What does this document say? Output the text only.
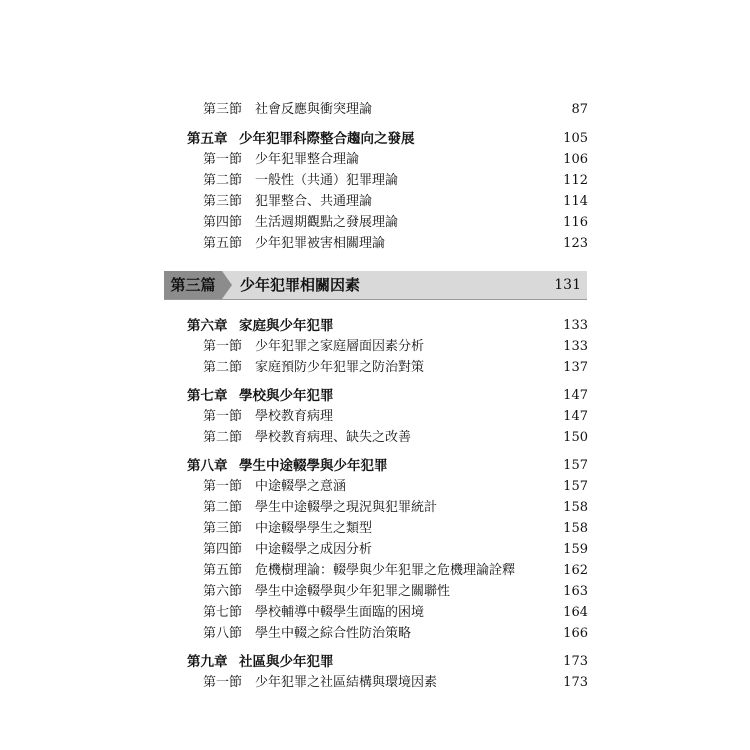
第三節 社會反應與衝突理論	87
第五章 少年犯罪科際整合趨向之發展	105
第一節 少年犯罪整合理論	106
第二節 一般性（共通）犯罪理論	112
第三節 犯罪整合、共通理論	114
第四節 生活週期觀點之發展理論	116
第五節 少年犯罪被害相關理論	123
第三篇	少年犯罪相關因素	131
第六章 家庭與少年犯罪	133
第一節 少年犯罪之家庭層面因素分析	133
第二節 家庭預防少年犯罪之防治對策	137
第七章 學校與少年犯罪	147
第一節 學校教育病理	147
第二節 學校教育病理、缺失之改善	150
第八章 學生中途輟學與少年犯罪	157
第一節 中途輟學之意涵	157
第二節 學生中途輟學之現況與犯罪統計	158
第三節 中途輟學學生之類型	158
第四節 中途輟學之成因分析	159
第五節 危機樹理論：輟學與少年犯罪之危機理論詮釋	162
第六節 學生中途輟學與少年犯罪之關聯性	163
第七節 學校輔導中輟學生面臨的困境	164
第八節 學生中輟之綜合性防治策略	166
第九章 社區與少年犯罪	173
第一節 少年犯罪之社區結構與環境因素	173
